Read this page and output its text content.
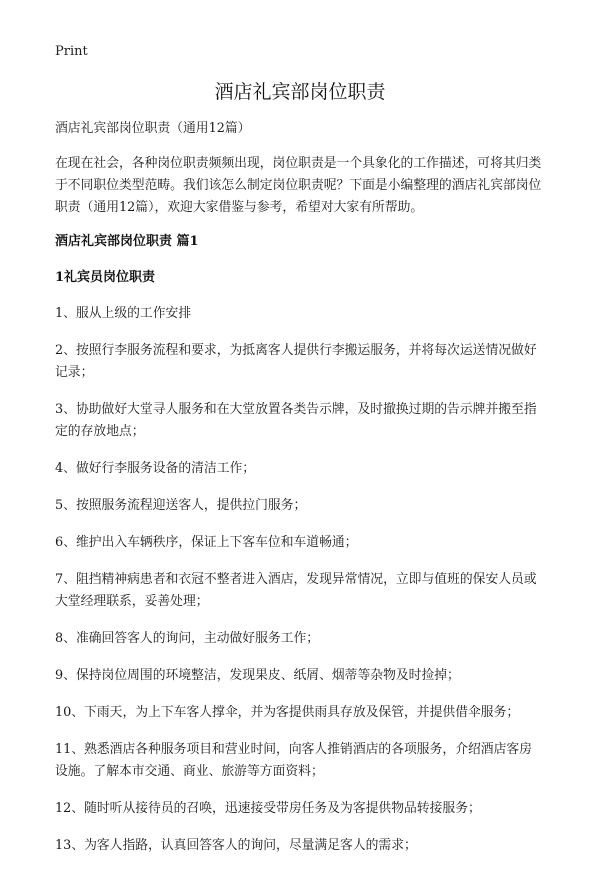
Print
酒店礼宾部岗位职责

酒店礼宾部岗位职责（通用12篇）

在现在社会，各种岗位职责频频出现，岗位职责是一个具象化的工作描述，可将其归类于不同职位类型范畴。我们该怎么制定岗位职责呢？下面是小编整理的酒店礼宾部岗位职责（通用12篇），欢迎大家借鉴与参考，希望对大家有所帮助。

酒店礼宾部岗位职责 篇1
1礼宾员岗位职责

1、服从上级的工作安排

2、按照行李服务流程和要求，为抵离客人提供行李搬运服务，并将每次运送情况做好记录；

3、协助做好大堂寻人服务和在大堂放置各类告示牌，及时撤换过期的告示牌并搬至指定的存放地点；

4、做好行李服务设备的清洁工作；

5、按照服务流程迎送客人，提供拉门服务；

6、维护出入车辆秩序，保证上下客车位和车道畅通；

7、阻挡精神病患者和衣冠不整者进入酒店，发现异常情况，立即与值班的保安人员或大堂经理联系，妥善处理；

8、准确回答客人的询问，主动做好服务工作；

9、保持岗位周围的环境整洁，发现果皮、纸屑、烟蒂等杂物及时捡掉；

10、下雨天，为上下车客人撑伞，并为客提供雨具存放及保管，并提供借伞服务；

11、熟悉酒店各种服务项目和营业时间，向客人推销酒店的各项服务，介绍酒店客房设施。了解本市交通、商业、旅游等方面资料；

12、随时听从接待员的召唤，迅速接受带房任务及为客提供物品转接服务；

13、为客人指路，认真回答客人的询问，尽量满足客人的需求；
